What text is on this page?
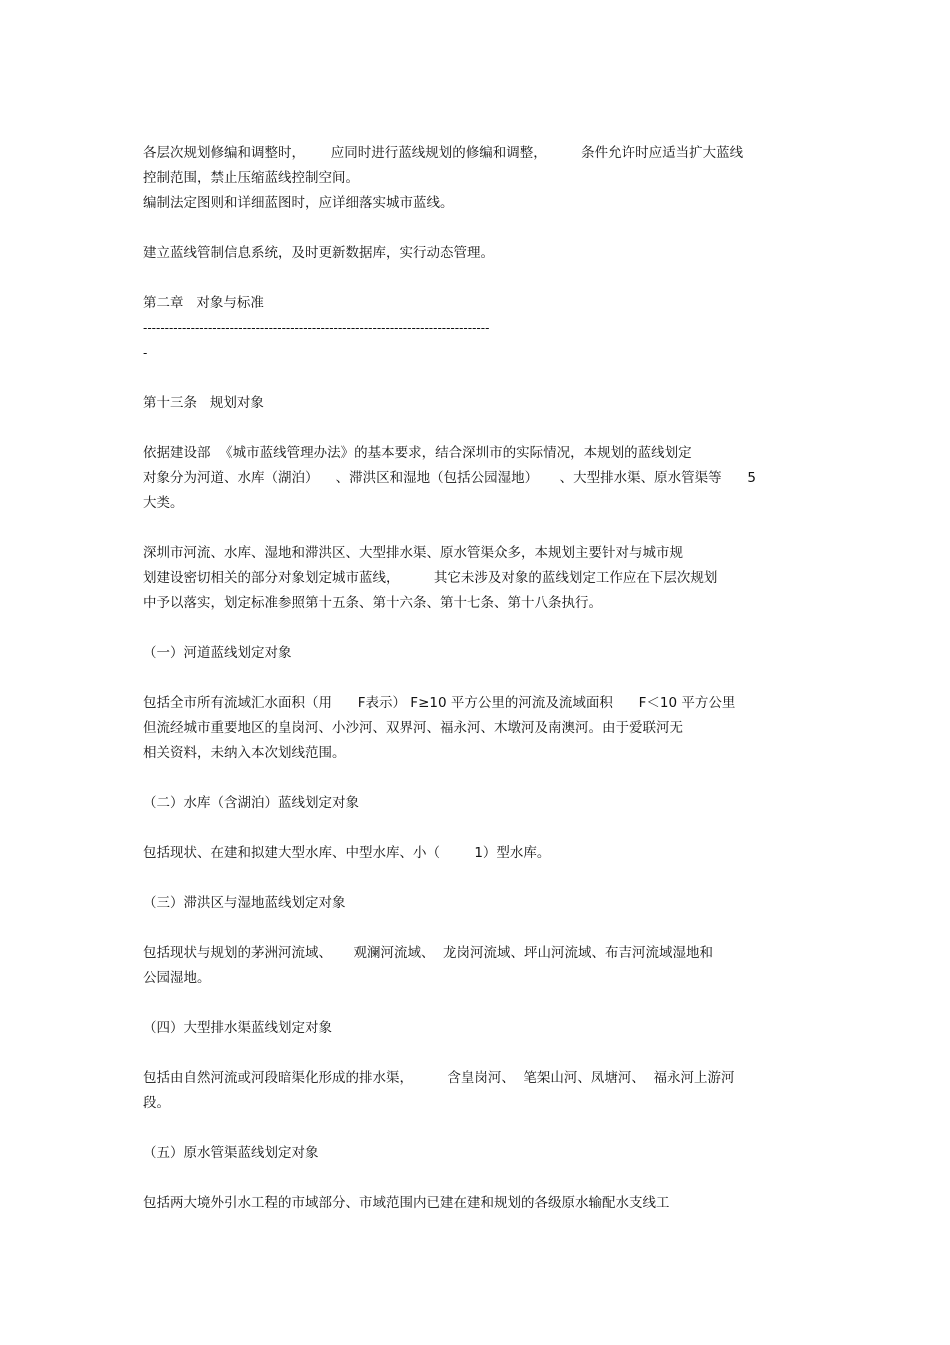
各层次规划修编和调整时，      应同时进行蓝线规划的修编和调整，        条件允许时应适当扩大蓝线
控制范围，禁止压缩蓝线控制空间。
编制法定图则和详细蓝图时，应详细落实城市蓝线。
建立蓝线管制信息系统，及时更新数据库，实行动态管理。
第二章   对象与标准
--------------------------------------------------------------------------------
-
第十三条   规划对象
依据建设部  《城市蓝线管理办法》的基本要求，结合深圳市的实际情况，本规划的蓝线划定
对象分为河道、水库（湖泊）    、滞洪区和湿地（包括公园湿地）     、大型排水渠、原水管渠等      5
大类。
深圳市河流、水库、湿地和滞洪区、大型排水渠、原水管渠众多，本规划主要针对与城市规
划建设密切相关的部分对象划定城市蓝线，        其它未涉及对象的蓝线划定工作应在下层次规划
中予以落实，划定标准参照第十五条、第十六条、第十七条、第十八条执行。
（一）河道蓝线划定对象
包括全市所有流域汇水面积（用      F表示） F≥10 平方公里的河流及流域面积      F＜10 平方公里
但流经城市重要地区的皇岗河、小沙河、双界河、福永河、木墩河及南澳河。由于爱联河无
相关资料，未纳入本次划线范围。
（二）水库（含湖泊）蓝线划定对象
包括现状、在建和拟建大型水库、中型水库、小（        1）型水库。
（三）滞洪区与湿地蓝线划定对象
包括现状与规划的茅洲河流域、     观澜河流域、  龙岗河流域、坪山河流域、布吉河流域湿地和
公园湿地。
（四）大型排水渠蓝线划定对象
包括由自然河流或河段暗渠化形成的排水渠，        含皇岗河、  笔架山河、凤塘河、  福永河上游河
段。
（五）原水管渠蓝线划定对象
包括两大境外引水工程的市域部分、市域范围内已建在建和规划的各级原水输配水支线工
